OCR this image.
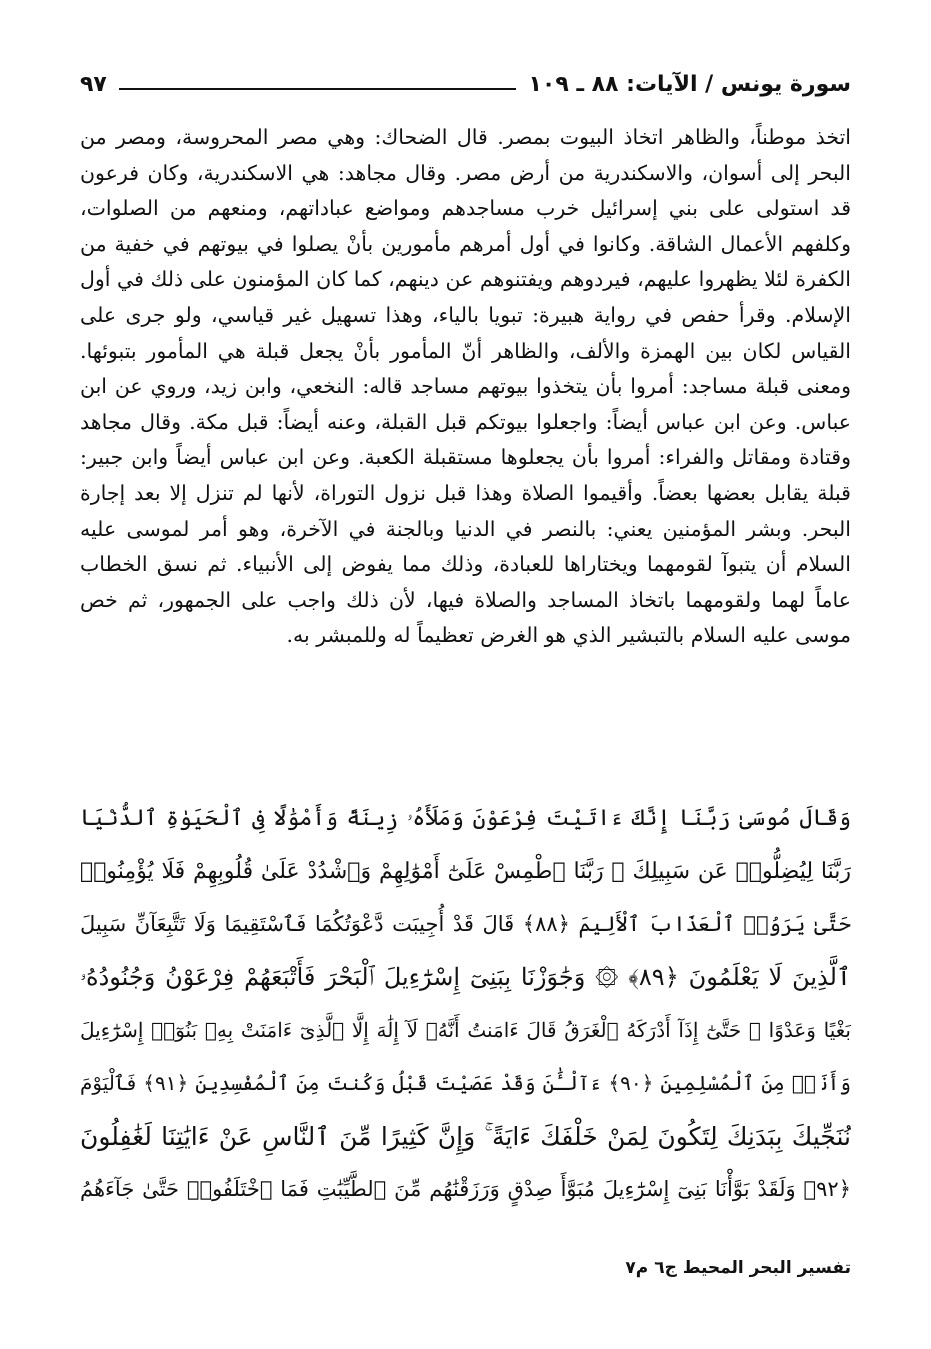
سورة يونس / الآيات: ٨٨ ـ ١٠٩
٩٧

اتخذ موطناً، والظاهر اتخاذ البيوت بمصر. قال الضحاك: وهي مصر المحروسة، ومصر من البحر إلى أسوان، والاسكندرية من أرض مصر. وقال مجاهد: هي الاسكندرية، وكان فرعون قد استولى على بني إسرائيل خرب مساجدهم ومواضع عباداتهم، ومنعهم من الصلوات، وكلفهم الأعمال الشاقة. وكانوا في أول أمرهم مأمورين بأنْ يصلوا في بيوتهم في خفية من الكفرة لئلا يظهروا عليهم، فيردوهم ويفتنوهم عن دينهم، كما كان المؤمنون على ذلك في أول الإسلام. وقرأ حفص في رواية هبيرة: تبويا بالياء، وهذا تسهيل غير قياسي، ولو جرى على القياس لكان بين الهمزة والألف، والظاهر أنّ المأمور بأنْ يجعل قبلة هي المأمور بتبوئها. ومعنى قبلة مساجد: أمروا بأن يتخذوا بيوتهم مساجد قاله: النخعي، وابن زيد، وروي عن ابن عباس. وعن ابن عباس أيضاً: واجعلوا بيوتكم قبل القبلة، وعنه أيضاً: قبل مكة. وقال مجاهد وقتادة ومقاتل والفراء: أمروا بأن يجعلوها مستقبلة الكعبة. وعن ابن عباس أيضاً وابن جبير: قبلة يقابل بعضها بعضاً. وأقيموا الصلاة وهذا قبل نزول التوراة، لأنها لم تنزل إلا بعد إجارة البحر. وبشر المؤمنين يعني: بالنصر في الدنيا وبالجنة في الآخرة، وهو أمر لموسى عليه السلام أن يتبوآ لقومهما ويختاراها للعبادة، وذلك مما يفوض إلى الأنبياء. ثم نسق الخطاب عاماً لهما ولقومهما باتخاذ المساجد والصلاة فيها، لأن ذلك واجب على الجمهور، ثم خص موسى عليه السلام بالتبشير الذي هو الغرض تعظيماً له وللمبشر به.

وَقَالَ مُوسَىٰ رَبَّنَا إِنَّكَ ءَاتَيْتَ فِرْعَوْنَ وَمَلَأَهُۥ زِينَةً وَأَمْوَٰلًا فِى ٱلْحَيَوٰةِ ٱلدُّنْيَا
رَبَّنَا لِيُضِلُّوا۟ عَن سَبِيلِكَ ۖ رَبَّنَا ٱطْمِسْ عَلَىٰٓ أَمْوَٰلِهِمْ وَٱشْدُدْ عَلَىٰ قُلُوبِهِمْ فَلَا يُؤْمِنُوا۟
حَتَّىٰ يَرَوُا۟ ٱلْعَذَابَ ٱلْأَلِيمَ ﴿٨٨﴾ قَالَ قَدْ أُجِيبَت دَّعْوَتُكُمَا فَٱسْتَقِيمَا وَلَا تَتَّبِعَآنِّ سَبِيلَ
ٱلَّذِينَ لَا يَعْلَمُونَ ﴿٨٩﴾ ۞ وَجَٰوَزْنَا بِبَنِىٓ إِسْرَٰٓءِيلَ ٱلْبَحْرَ فَأَتْبَعَهُمْ فِرْعَوْنُ وَجُنُودُهُۥ
بَغْيًا وَعَدْوًا ۖ حَتَّىٰٓ إِذَآ أَدْرَكَهُ ٱلْغَرَقُ قَالَ ءَامَنتُ أَنَّهُۥ لَآ إِلَٰهَ إِلَّا ٱلَّذِىٓ ءَامَنَتْ بِهِۦ بَنُوٓا۟ إِسْرَٰٓءِيلَ
وَأَنَا۠ مِنَ ٱلْمُسْلِمِينَ ﴿٩٠﴾ ءَآلْـَٰٔنَ وَقَدْ عَصَيْتَ قَبْلُ وَكُنتَ مِنَ ٱلْمُفْسِدِينَ ﴿٩١﴾ فَٱلْيَوْمَ
نُنَجِّيكَ بِبَدَنِكَ لِتَكُونَ لِمَنْ خَلْفَكَ ءَايَةً ۚ وَإِنَّ كَثِيرًا مِّنَ ٱلنَّاسِ عَنْ ءَايَٰتِنَا لَغَٰفِلُونَ
﴿٩٢﴾ وَلَقَدْ بَوَّأْنَا بَنِىٓ إِسْرَٰٓءِيلَ مُبَوَّأَ صِدْقٍ وَرَزَقْنَٰهُم مِّنَ ٱلطَّيِّبَٰتِ فَمَا ٱخْتَلَفُوا۟ حَتَّىٰ جَآءَهُمُ
تفسير البحر المحيط ج٦ م٧
